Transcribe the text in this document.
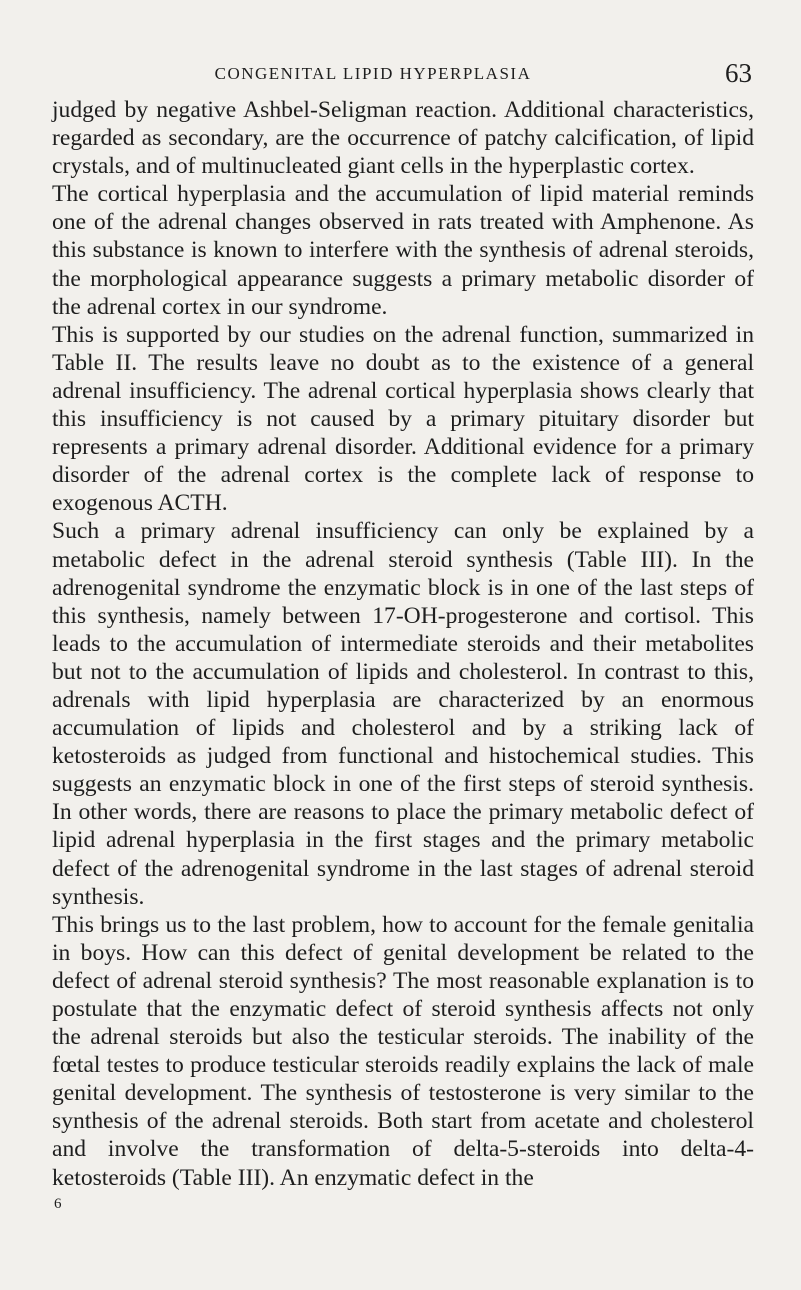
CONGENITAL LIPID HYPERPLASIA	63

judged by negative Ashbel-Seligman reaction. Additional characteristics, regarded as secondary, are the occurrence of patchy calcification, of lipid crystals, and of multinucleated giant cells in the hyperplastic cortex.

The cortical hyperplasia and the accumulation of lipid material reminds one of the adrenal changes observed in rats treated with Amphenone. As this substance is known to interfere with the synthesis of adrenal steroids, the morphological appearance suggests a primary metabolic disorder of the adrenal cortex in our syndrome.

This is supported by our studies on the adrenal function, summarized in Table II. The results leave no doubt as to the existence of a general adrenal insufficiency. The adrenal cortical hyperplasia shows clearly that this insufficiency is not caused by a primary pituitary disorder but represents a primary adrenal disorder. Additional evidence for a primary disorder of the adrenal cortex is the complete lack of response to exogenous ACTH.

Such a primary adrenal insufficiency can only be explained by a metabolic defect in the adrenal steroid synthesis (Table III). In the adrenogenital syndrome the enzymatic block is in one of the last steps of this synthesis, namely between 17-OH-progesterone and cortisol. This leads to the accumulation of intermediate steroids and their metabolites but not to the accumulation of lipids and cholesterol. In contrast to this, adrenals with lipid hyperplasia are characterized by an enormous accumulation of lipids and cholesterol and by a striking lack of ketosteroids as judged from functional and histochemical studies. This suggests an enzymatic block in one of the first steps of steroid synthesis. In other words, there are reasons to place the primary metabolic defect of lipid adrenal hyperplasia in the first stages and the primary metabolic defect of the adrenogenital syndrome in the last stages of adrenal steroid synthesis.

This brings us to the last problem, how to account for the female genitalia in boys. How can this defect of genital development be related to the defect of adrenal steroid synthesis? The most reasonable explanation is to postulate that the enzymatic defect of steroid synthesis affects not only the adrenal steroids but also the testicular steroids. The inability of the fœtal testes to produce testicular steroids readily explains the lack of male genital development. The synthesis of testosterone is very similar to the synthesis of the adrenal steroids. Both start from acetate and cholesterol and involve the transformation of delta-5-steroids into delta-4-ketosteroids (Table III). An enzymatic defect in the

6
